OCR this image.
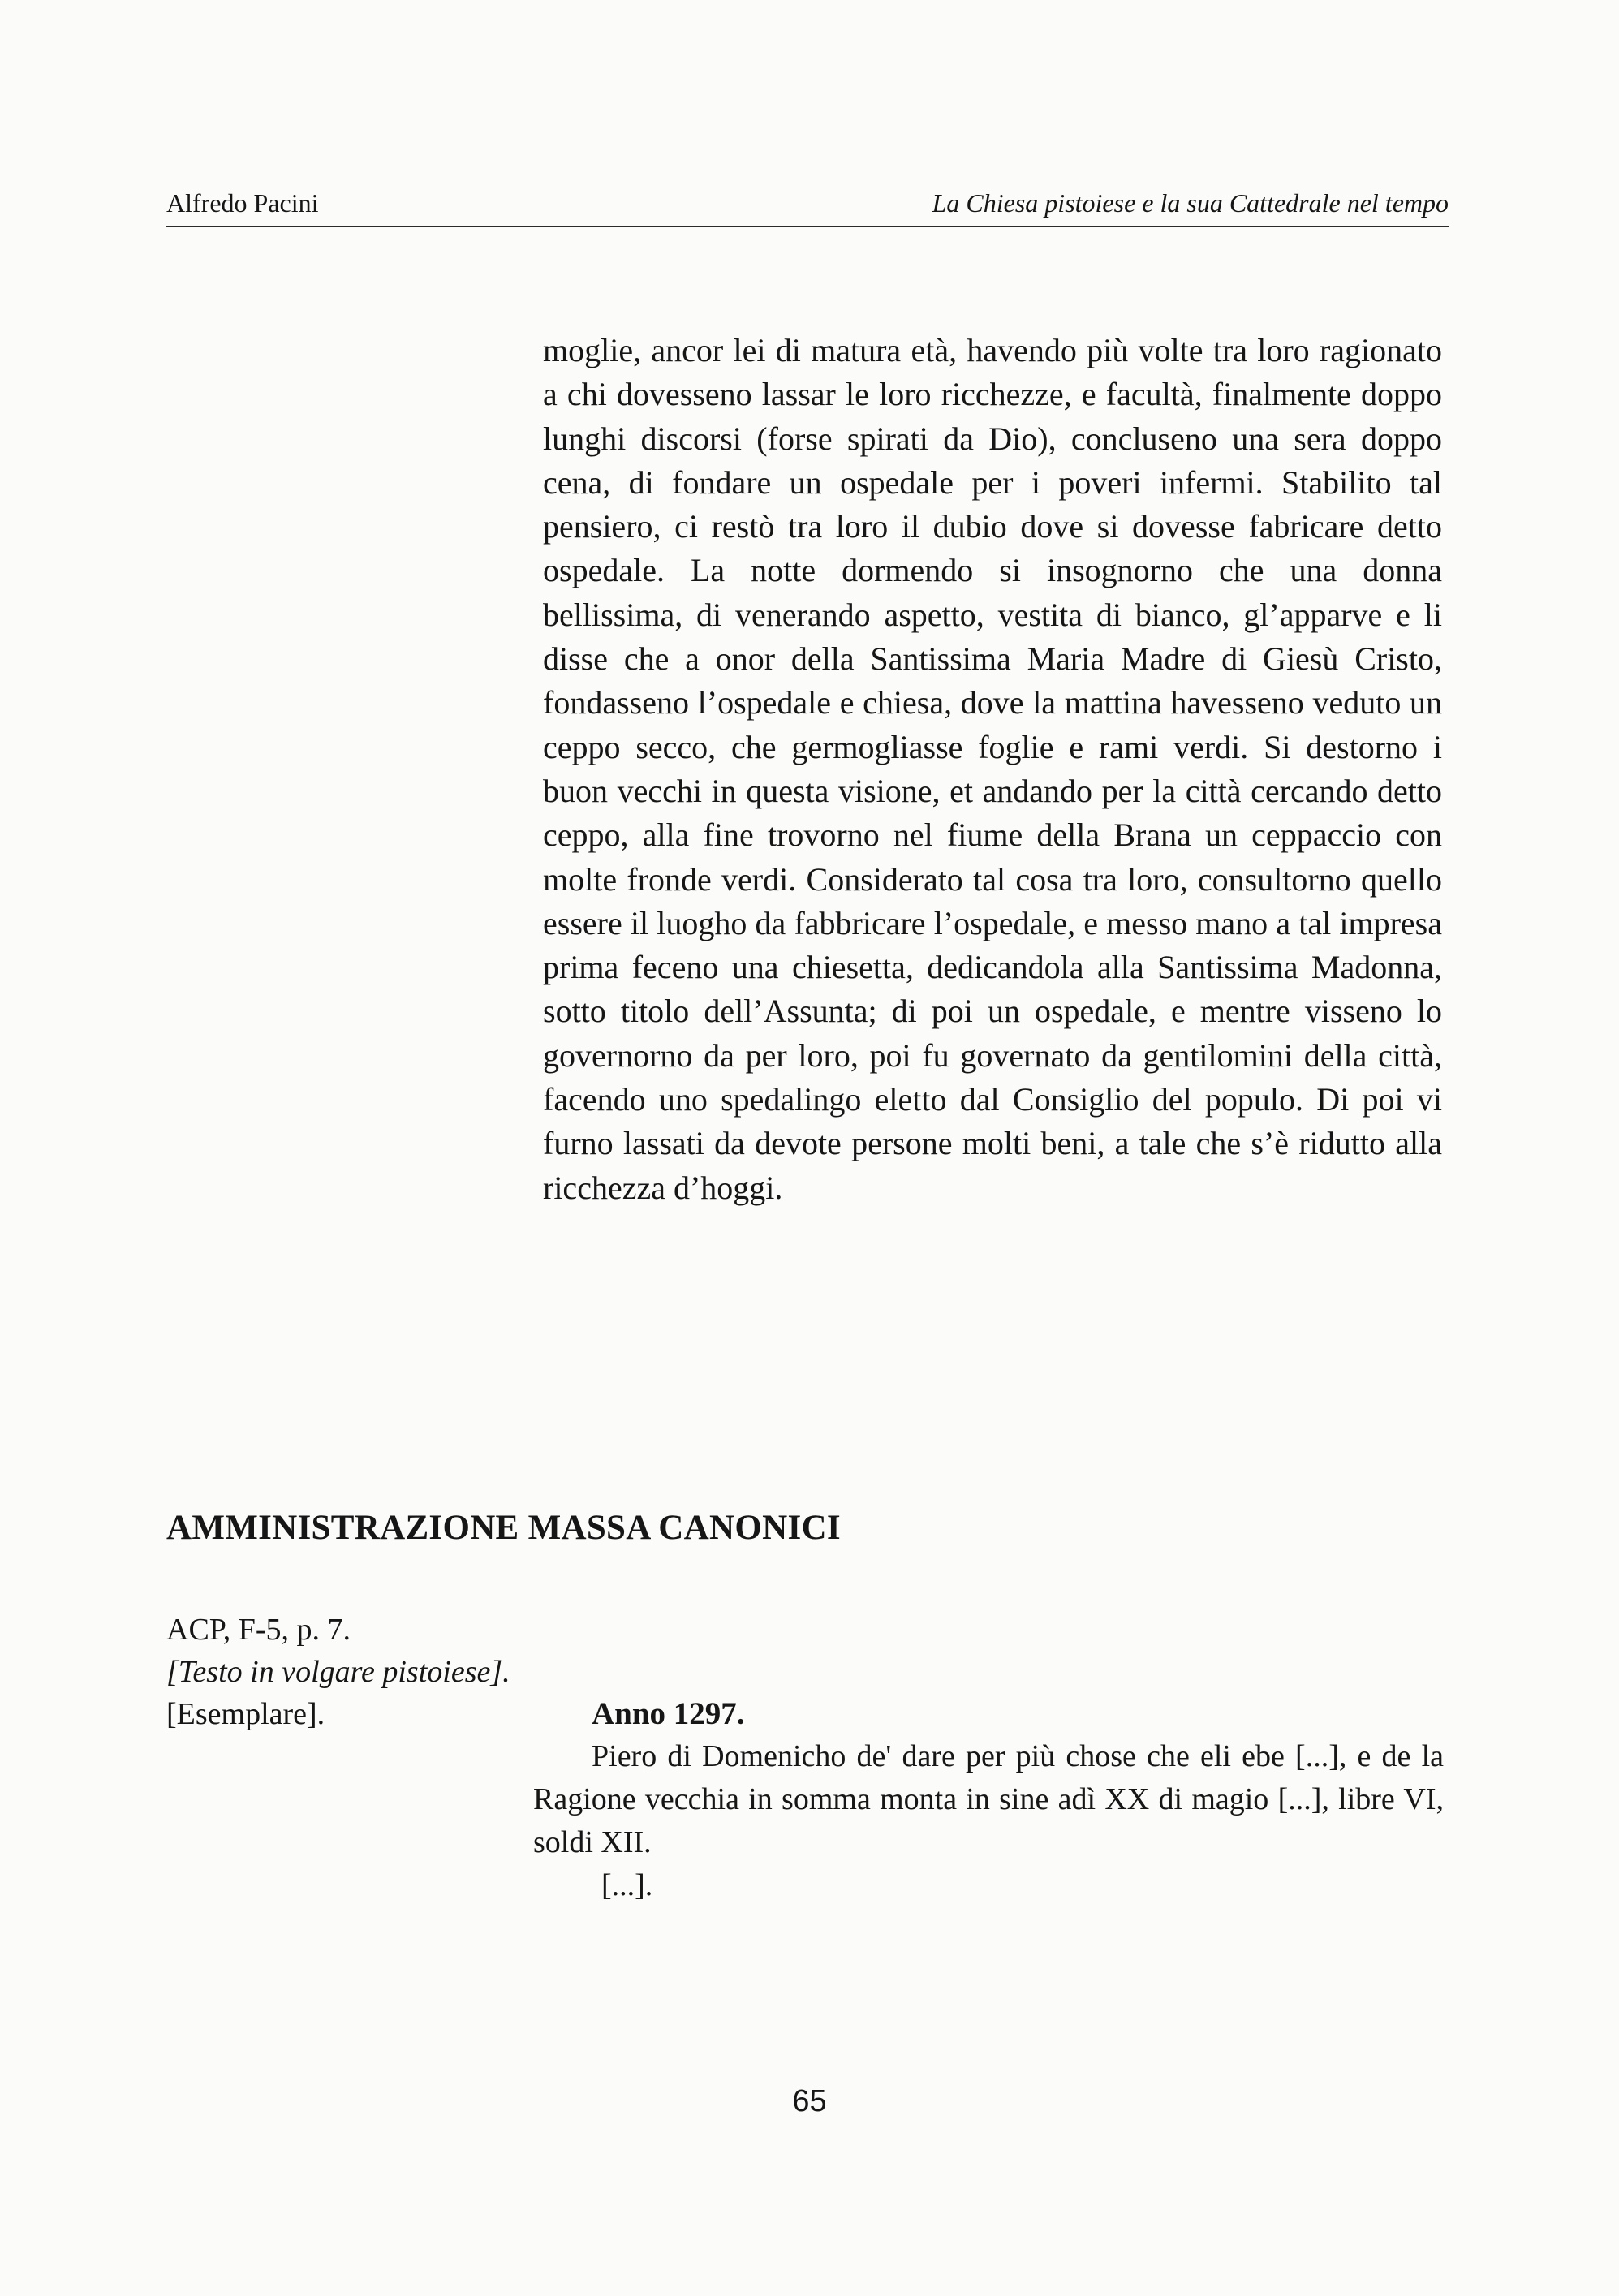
Alfredo Pacini	La Chiesa pistoiese e la sua Cattedrale nel tempo

moglie, ancor lei di matura età, havendo più volte tra loro ragionato a chi dovesseno lassar le loro ricchezze, e facultà, finalmente doppo lunghi discorsi (forse spirati da Dio), concluseno una sera doppo cena, di fondare un ospedale per i poveri infermi. Stabilito tal pensiero, ci restò tra loro il dubio dove si dovesse fabricare detto ospedale. La notte dormendo si insognorno che una donna bellissima, di venerando aspetto, vestita di bianco, gl’apparve e li disse che a onor della Santissima Maria Madre di Giesù Cristo, fondasseno l’ospedale e chiesa, dove la mattina havesseno veduto un ceppo secco, che germogliasse foglie e rami verdi. Si destorno i buon vecchi in questa visione, et andando per la città cercando detto ceppo, alla fine trovorno nel fiume della Brana un ceppaccio con molte fronde verdi. Considerato tal cosa tra loro, consultorno quello essere il luogho da fabbricare l’ospedale, e messo mano a tal impresa prima feceno una chiesetta, dedicandola alla Santissima Madonna, sotto titolo dell’Assunta; di poi un ospedale, e mentre visseno lo governorno da per loro, poi fu governato da gentilomini della città, facendo uno spedalingo eletto dal Consiglio del populo. Di poi vi furno lassati da devote persone molti beni, a tale che s’è ridutto alla ricchezza d’hoggi.

AMMINISTRAZIONE MASSA CANONICI
ACP, F-5, p. 7.
[Testo in volgare pistoiese].
[Esemplare].	Anno 1297.
Piero di Domenicho de' dare per più chose che eli ebe [...], e de la Ragione vecchia in somma monta in sine adì XX di magio [...], libre VI, soldi XII.
[...].
65
